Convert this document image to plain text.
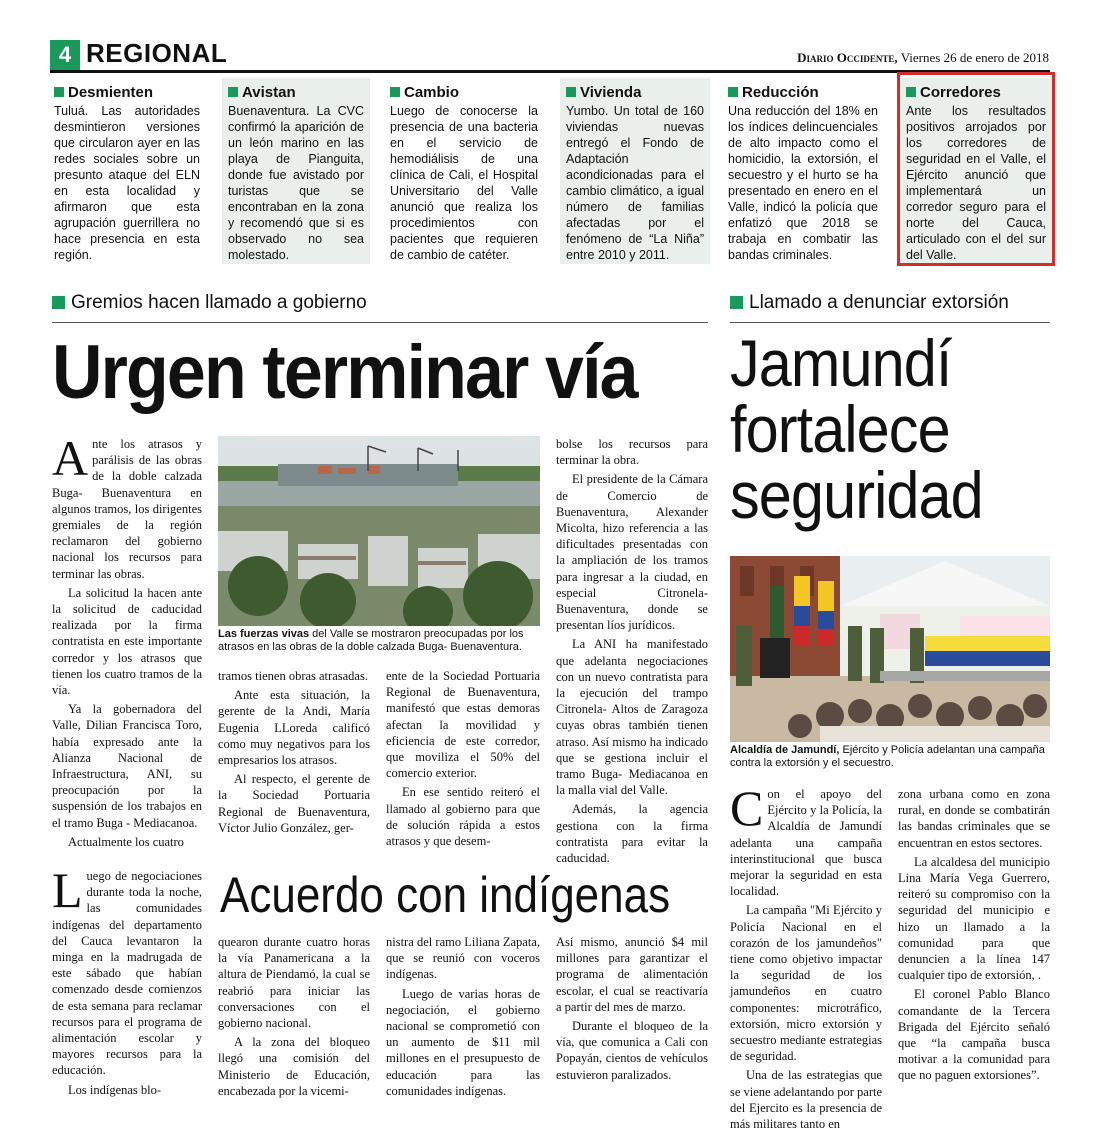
4 REGIONAL	Diario Occidente, Viernes 26 de enero de 2018
Desmienten

Tuluá. Las autoridades desmintieron versiones que circularon ayer en las redes sociales sobre un presunto ataque del ELN en esta localidad y afirmaron que esta agrupación guerrillera no hace presencia en esta región.

Avistan

Buenaventura. La CVC confirmó la aparición de un león marino en las playa de Pianguita, donde fue avistado por turistas que se encontraban en la zona y recomendó que si es observado no sea molestado.

Cambio

Luego de conocerse la presencia de una bacteria en el servicio de hemodiálisis de una clínica de Cali, el Hospital Universitario del Valle anunció que realiza los procedimientos con pacientes que requieren de cambio de catéter.

Vivienda

Yumbo. Un total de 160 viviendas nuevas entregó el Fondo de Adaptación acondicionadas para el cambio climático, a igual número de familias afectadas por el fenómeno de “La Niña” entre 2010 y 2011.

Reducción

Una reducción del 18% en los índices delincuenciales de alto impacto como el homicidio, la extorsión, el secuestro y el hurto se ha presentado en enero en el Valle, indicó la policía que enfatizó que 2018 se trabaja en combatir las bandas criminales.

Corredores

Ante los resultados positivos arrojados por los corredores de seguridad en el Valle, el Ejército anunció que implementará un corredor seguro para el norte del Cauca, articulado con el del sur del Valle.

Gremios hacen llamado a gobierno
Urgen terminar vía

Ante los atrasos y parálisis de las obras de la doble calzada Buga- Buenaventura en algunos tramos, los dirigentes gremiales de la región reclamaron del gobierno nacional los recursos para terminar las obras.

La solicitud la hacen ante la solicitud de caducidad realizada por la firma contratista en este importante corredor y los atrasos que tienen los cuatro tramos de la vía.

Ya la gobernadora del Valle, Dilian Francisca Toro, había expresado ante la Alianza Nacional de Infraestructura, ANI, su preocupación por la suspensión de los trabajos en el tramo Buga - Mediacanoa.

Actualmente los cuatro

Las fuerzas vivas del Valle se mostraron preocupadas por los atrasos en las obras de la doble calzada Buga- Buenaventura.

tramos tienen obras atrasadas.

Ante esta situación, la gerente de la Andi, María Eugenia LLoreda calificó como muy negativos para los empresarios los atrasos.

Al respecto, el gerente de la Sociedad Portuaria Regional de Buenaventura, Víctor Julio González, ger-

ente de la Sociedad Portuaria Regional de Buenaventura, manifestó que estas demoras afectan la movilidad y eficiencia de este corredor, que moviliza el 50% del comercio exterior.

En ese sentido reiteró el llamado al gobierno para que de solución rápida a estos atrasos y que desem-

bolse los recursos para terminar la obra.

El presidente de la Cámara de Comercio de Buenaventura, Alexander Micolta, hizo referencia a las dificultades presentadas con la ampliación de los tramos para ingresar a la ciudad, en especial Citronela-Buenaventura, donde se presentan líos jurídicos.

La ANI ha manifestado que adelanta negociaciones con un nuevo contratista para la ejecución del trampo Citronela- Altos de Zaragoza cuyas obras también tienen atraso. Así mismo ha indicado que se gestiona incluir el tramo Buga- Mediacanoa en la malla vial del Valle.

Además, la agencia gestiona con la firma contratista para evitar la caducidad.

Acuerdo con indígenas

Luego de negociaciones durante toda la noche, las comunidades indígenas del departamento del Cauca levantaron la minga en la madrugada de este sábado que habían comenzado desde comienzos de esta semana para reclamar recursos para el programa de alimentación escolar y mayores recursos para la educación.

Los indígenas blo-

quearon durante cuatro horas la vía Panamericana a la altura de Piendamó, la cual se reabrió para iniciar las conversaciones con el gobierno nacional.

A la zona del bloqueo llegó una comisión del Ministerio de Educación, encabezada por la vicemi-

nistra del ramo Liliana Zapata, que se reunió con voceros indígenas.

Luego de varias horas de negociación, el gobierno nacional se comprometió con un aumento de $11 mil millones en el presupuesto de educación para las comunidades indígenas.

Así mismo, anunció $4 mil millones para garantizar el programa de alimentación escolar, el cual se reactivaría a partir del mes de marzo.

Durante el bloqueo de la vía, que comunica a Cali con Popayán, cientos de vehículos estuvieron paralizados.

Llamado a denunciar extorsión
Jamundí
fortalece
seguridad
Alcaldía de Jamundí, Ejército y Policía adelantan una campaña contra la extorsión y el secuestro.

Con el apoyo del Ejército y la Policía, la Alcaldía de Jamundí adelanta una campaña interinstitucional que busca mejorar la seguridad en esta localidad.

La campaña "Mi Ejército y Policía Nacional en el corazón de los jamundeños" tiene como objetivo impactar la seguridad de los jamundeños en cuatro componentes: microtráfico, extorsión, micro extorsión y secuestro mediante estrategias de seguridad.

Una de las estrategias que se viene adelantando por parte del Ejercito es la presencia de más militares tanto en

zona urbana como en zona rural, en donde se combatirán las bandas criminales que se encuentran en estos sectores.

La alcaldesa del municipio Lina María Vega Guerrero, reiteró su compromiso con la seguridad del municipio e hizo un llamado a la comunidad para que denuncien a la línea 147 cualquier tipo de extorsión, .

El coronel Pablo Blanco comandante de la Tercera Brigada del Ejército señaló que “la campaña busca motivar a la comunidad para que no paguen extorsiones”.
